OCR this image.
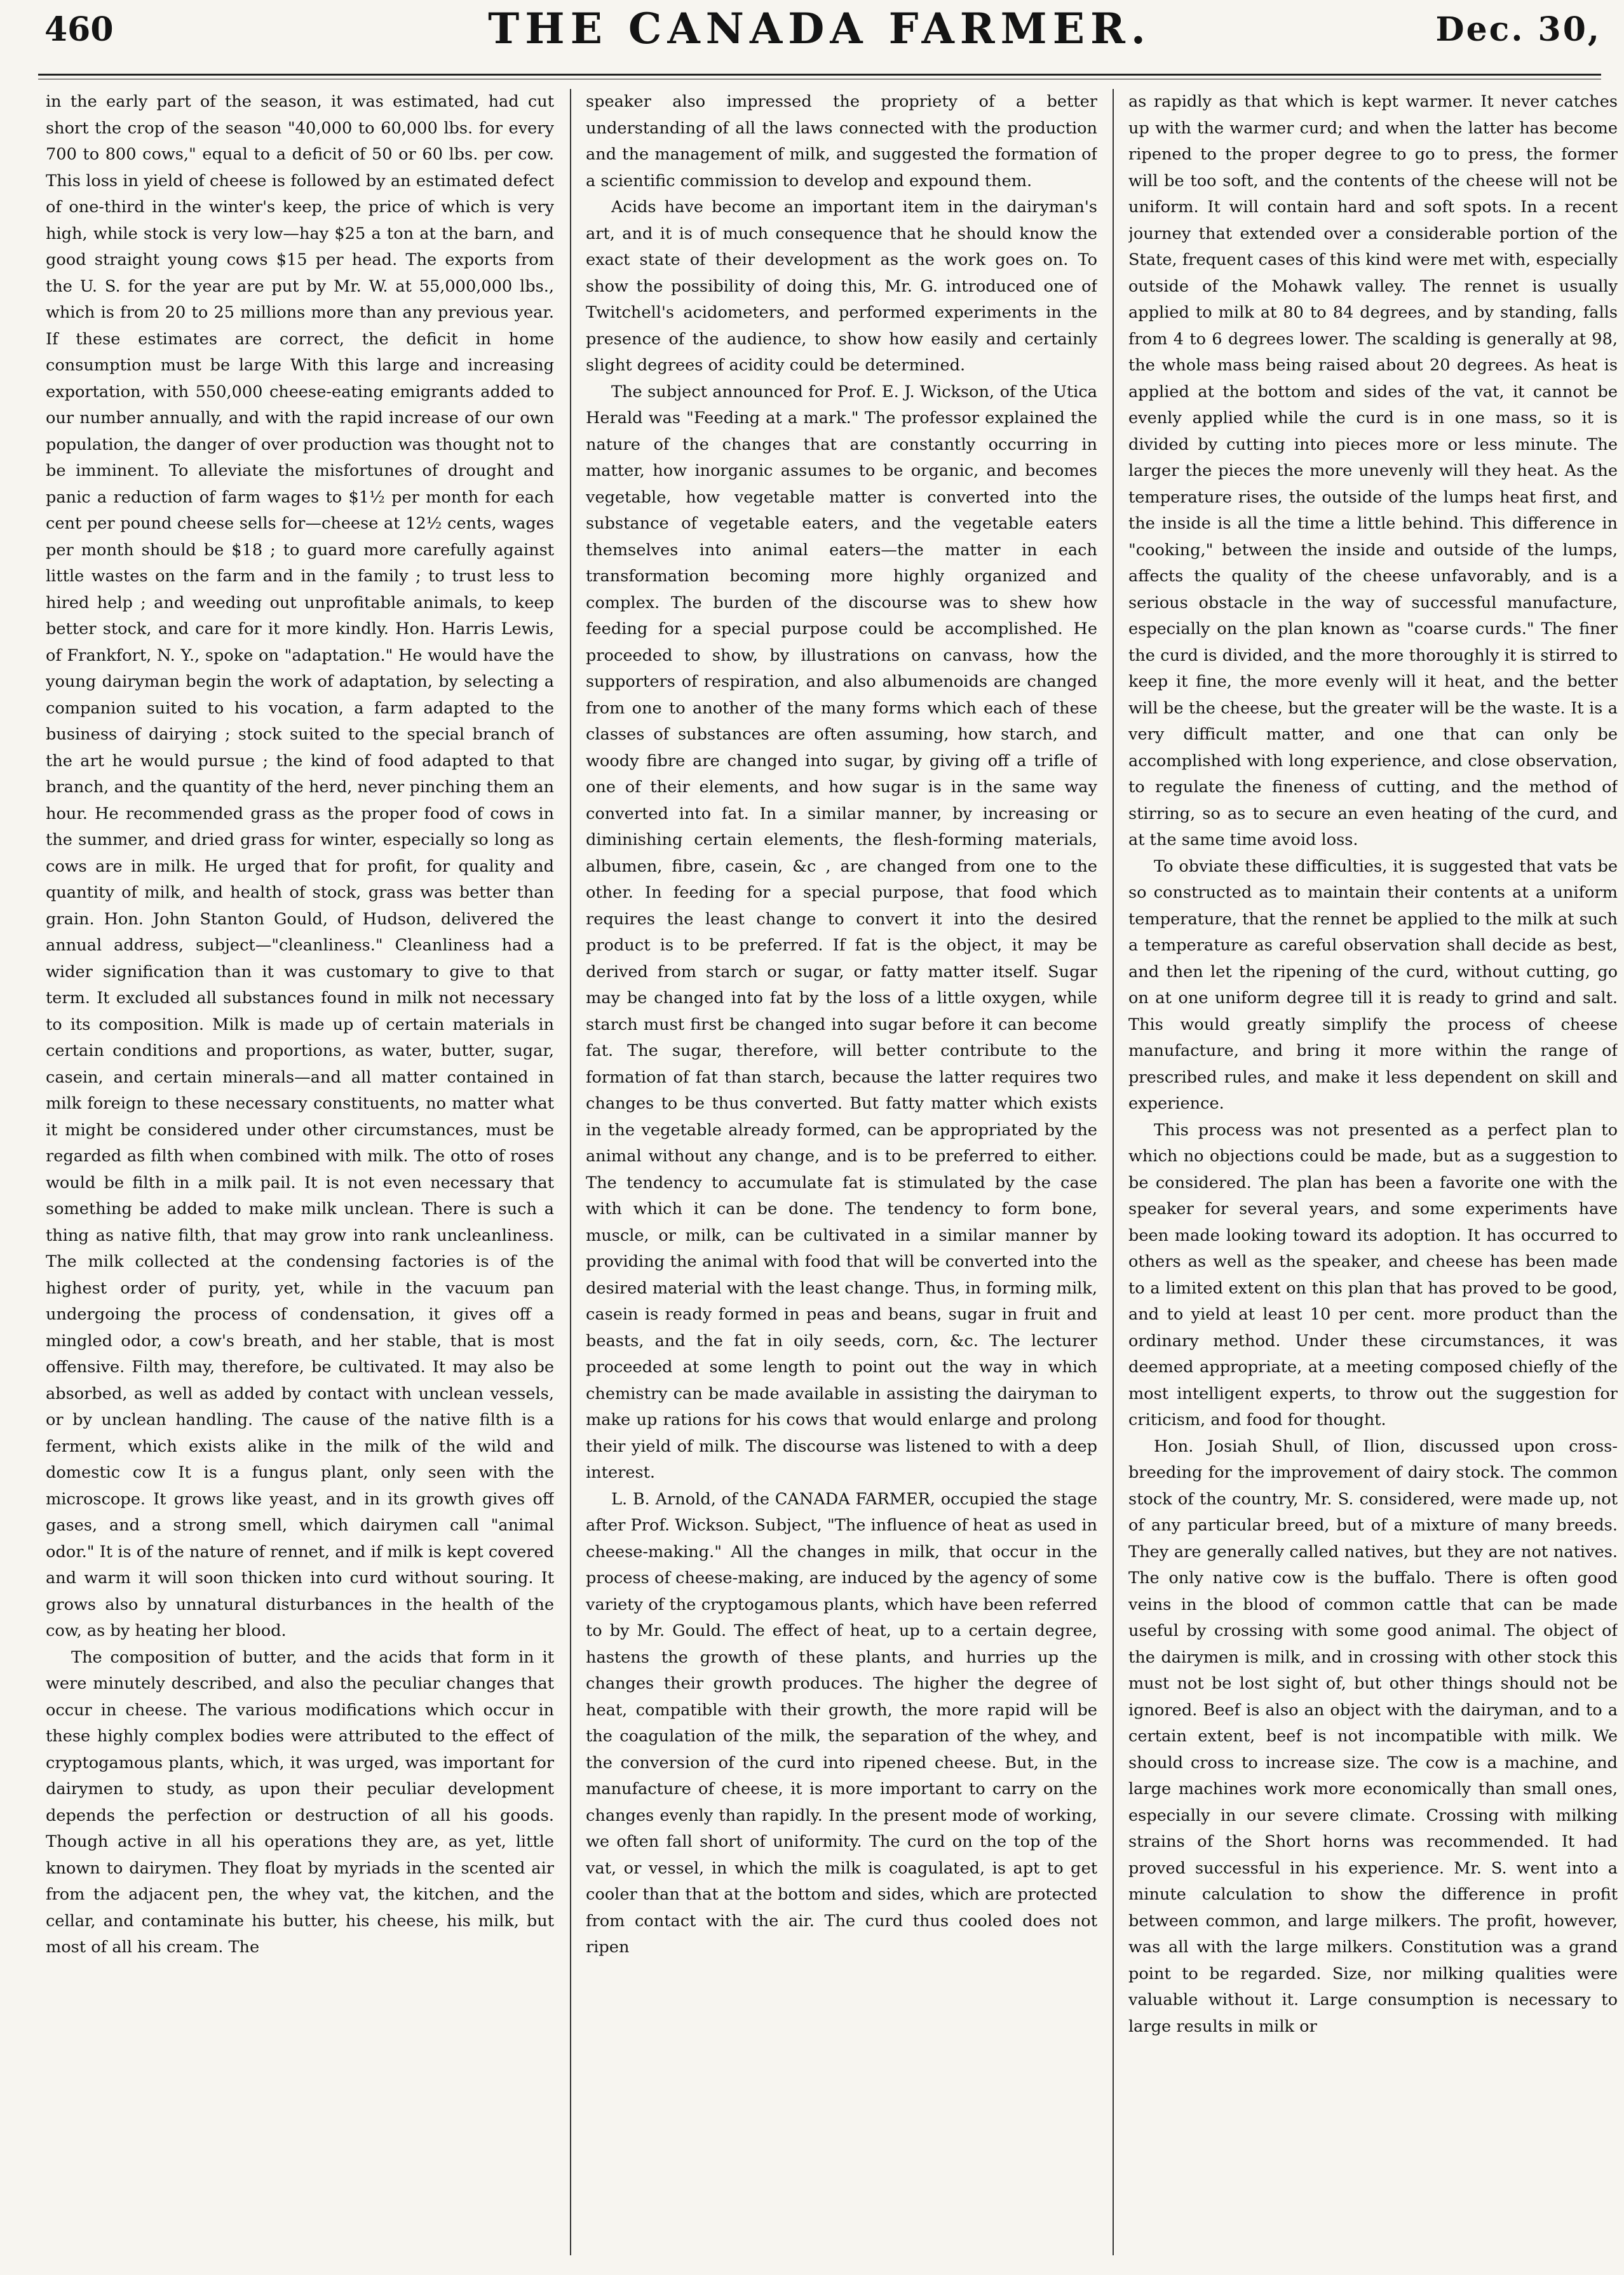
460	THE CANADA FARMER.	Dec. 30,

in the early part of the season, it was estimated, had cut short the crop of the season "40,000 to 60,000 lbs. for every 700 to 800 cows," equal to a deficit of 50 or 60 lbs. per cow. This loss in yield of cheese is followed by an estimated defect of one-third in the winter's keep, the price of which is very high, while stock is very low—hay $25 a ton at the barn, and good straight young cows $15 per head. The exports from the U. S. for the year are put by Mr. W. at 55,000,000 lbs., which is from 20 to 25 millions more than any previous year. If these estimates are correct, the deficit in home consumption must be large With this large and increasing exportation, with 550,000 cheese-eating emigrants added to our number annually, and with the rapid increase of our own population, the danger of over production was thought not to be imminent. To alleviate the misfortunes of drought and panic a reduction of farm wages to $1½ per month for each cent per pound cheese sells for—cheese at 12½ cents, wages per month should be $18 ; to guard more carefully against little wastes on the farm and in the family ; to trust less to hired help ; and weeding out unprofitable animals, to keep better stock, and care for it more kindly. Hon. Harris Lewis, of Frankfort, N. Y., spoke on "adaptation." He would have the young dairyman begin the work of adaptation, by selecting a companion suited to his vocation, a farm adapted to the business of dairying ; stock suited to the special branch of the art he would pursue ; the kind of food adapted to that branch, and the quantity of the herd, never pinching them an hour. He recommended grass as the proper food of cows in the summer, and dried grass for winter, especially so long as cows are in milk. He urged that for profit, for quality and quantity of milk, and health of stock, grass was better than grain. Hon. John Stanton Gould, of Hudson, delivered the annual address, subject—"cleanliness." Cleanliness had a wider signification than it was customary to give to that term. It excluded all substances found in milk not necessary to its composition. Milk is made up of certain materials in certain conditions and proportions, as water, butter, sugar, casein, and certain minerals—and all matter contained in milk foreign to these necessary constituents, no matter what it might be considered under other circumstances, must be regarded as filth when combined with milk. The otto of roses would be filth in a milk pail. It is not even necessary that something be added to make milk unclean. There is such a thing as native filth, that may grow into rank uncleanliness. The milk collected at the condensing factories is of the highest order of purity, yet, while in the vacuum pan undergoing the process of condensation, it gives off a mingled odor, a cow's breath, and her stable, that is most offensive. Filth may, therefore, be cultivated. It may also be absorbed, as well as added by contact with unclean vessels, or by unclean handling. The cause of the native filth is a ferment, which exists alike in the milk of the wild and domestic cow It is a fungus plant, only seen with the microscope. It grows like yeast, and in its growth gives off gases, and a strong smell, which dairymen call "animal odor." It is of the nature of rennet, and if milk is kept covered and warm it will soon thicken into curd without souring. It grows also by unnatural disturbances in the health of the cow, as by heating her blood.

The composition of butter, and the acids that form in it were minutely described, and also the peculiar changes that occur in cheese. The various modifications which occur in these highly complex bodies were attributed to the effect of cryptogamous plants, which, it was urged, was important for dairymen to study, as upon their peculiar development depends the perfection or destruction of all his goods. Though active in all his operations they are, as yet, little known to dairymen. They float by myriads in the scented air from the adjacent pen, the whey vat, the kitchen, and the cellar, and contaminate his butter, his cheese, his milk, but most of all his cream. The

speaker also impressed the propriety of a better understanding of all the laws connected with the production and the management of milk, and suggested the formation of a scientific commission to develop and expound them.

Acids have become an important item in the dairyman's art, and it is of much consequence that he should know the exact state of their development as the work goes on. To show the possibility of doing this, Mr. G. introduced one of Twitchell's acidometers, and performed experiments in the presence of the audience, to show how easily and certainly slight degrees of acidity could be determined.

The subject announced for Prof. E. J. Wickson, of the Utica Herald was "Feeding at a mark." The professor explained the nature of the changes that are constantly occurring in matter, how inorganic assumes to be organic, and becomes vegetable, how vegetable matter is converted into the substance of vegetable eaters, and the vegetable eaters themselves into animal eaters—the matter in each transformation becoming more highly organized and complex. The burden of the discourse was to shew how feeding for a special purpose could be accomplished. He proceeded to show, by illustrations on canvass, how the supporters of respiration, and also albumenoids are changed from one to another of the many forms which each of these classes of substances are often assuming, how starch, and woody fibre are changed into sugar, by giving off a trifle of one of their elements, and how sugar is in the same way converted into fat. In a similar manner, by increasing or diminishing certain elements, the flesh-forming materials, albumen, fibre, casein, &c , are changed from one to the other. In feeding for a special purpose, that food which requires the least change to convert it into the desired product is to be preferred. If fat is the object, it may be derived from starch or sugar, or fatty matter itself. Sugar may be changed into fat by the loss of a little oxygen, while starch must first be changed into sugar before it can become fat. The sugar, therefore, will better contribute to the formation of fat than starch, because the latter requires two changes to be thus converted. But fatty matter which exists in the vegetable already formed, can be appropriated by the animal without any change, and is to be preferred to either. The tendency to accumulate fat is stimulated by the case with which it can be done. The tendency to form bone, muscle, or milk, can be cultivated in a similar manner by providing the animal with food that will be converted into the desired material with the least change. Thus, in forming milk, casein is ready formed in peas and beans, sugar in fruit and beasts, and the fat in oily seeds, corn, &c. The lecturer proceeded at some length to point out the way in which chemistry can be made available in assisting the dairyman to make up rations for his cows that would enlarge and prolong their yield of milk. The discourse was listened to with a deep interest.

L. B. Arnold, of the CANADA FARMER, occupied the stage after Prof. Wickson. Subject, "The influence of heat as used in cheese-making." All the changes in milk, that occur in the process of cheese-making, are induced by the agency of some variety of the cryptogamous plants, which have been referred to by Mr. Gould. The effect of heat, up to a certain degree, hastens the growth of these plants, and hurries up the changes their growth produces. The higher the degree of heat, compatible with their growth, the more rapid will be the coagulation of the milk, the separation of the whey, and the conversion of the curd into ripened cheese. But, in the manufacture of cheese, it is more important to carry on the changes evenly than rapidly. In the present mode of working, we often fall short of uniformity. The curd on the top of the vat, or vessel, in which the milk is coagulated, is apt to get cooler than that at the bottom and sides, which are protected from contact with the air. The curd thus cooled does not ripen

as rapidly as that which is kept warmer. It never catches up with the warmer curd; and when the latter has become ripened to the proper degree to go to press, the former will be too soft, and the contents of the cheese will not be uniform. It will contain hard and soft spots. In a recent journey that extended over a considerable portion of the State, frequent cases of this kind were met with, especially outside of the Mohawk valley. The rennet is usually applied to milk at 80 to 84 degrees, and by standing, falls from 4 to 6 degrees lower. The scalding is generally at 98, the whole mass being raised about 20 degrees. As heat is applied at the bottom and sides of the vat, it cannot be evenly applied while the curd is in one mass, so it is divided by cutting into pieces more or less minute. The larger the pieces the more unevenly will they heat. As the temperature rises, the outside of the lumps heat first, and the inside is all the time a little behind. This difference in "cooking," between the inside and outside of the lumps, affects the quality of the cheese unfavorably, and is a serious obstacle in the way of successful manufacture, especially on the plan known as "coarse curds." The finer the curd is divided, and the more thoroughly it is stirred to keep it fine, the more evenly will it heat, and the better will be the cheese, but the greater will be the waste. It is a very difficult matter, and one that can only be accomplished with long experience, and close observation, to regulate the fineness of cutting, and the method of stirring, so as to secure an even heating of the curd, and at the same time avoid loss.

To obviate these difficulties, it is suggested that vats be so constructed as to maintain their contents at a uniform temperature, that the rennet be applied to the milk at such a temperature as careful observation shall decide as best, and then let the ripening of the curd, without cutting, go on at one uniform degree till it is ready to grind and salt. This would greatly simplify the process of cheese manufacture, and bring it more within the range of prescribed rules, and make it less dependent on skill and experience.

This process was not presented as a perfect plan to which no objections could be made, but as a suggestion to be considered. The plan has been a favorite one with the speaker for several years, and some experiments have been made looking toward its adoption. It has occurred to others as well as the speaker, and cheese has been made to a limited extent on this plan that has proved to be good, and to yield at least 10 per cent. more product than the ordinary method. Under these circumstances, it was deemed appropriate, at a meeting composed chiefly of the most intelligent experts, to throw out the suggestion for criticism, and food for thought.

Hon. Josiah Shull, of Ilion, discussed upon cross-breeding for the improvement of dairy stock. The common stock of the country, Mr. S. considered, were made up, not of any particular breed, but of a mixture of many breeds. They are generally called natives, but they are not natives. The only native cow is the buffalo. There is often good veins in the blood of common cattle that can be made useful by crossing with some good animal. The object of the dairymen is milk, and in crossing with other stock this must not be lost sight of, but other things should not be ignored. Beef is also an object with the dairyman, and to a certain extent, beef is not incompatible with milk. We should cross to increase size. The cow is a machine, and large machines work more economically than small ones, especially in our severe climate. Crossing with milking strains of the Short horns was recommended. It had proved successful in his experience. Mr. S. went into a minute calculation to show the difference in profit between common, and large milkers. The profit, however, was all with the large milkers. Constitution was a grand point to be regarded. Size, nor milking qualities were valuable without it. Large consumption is necessary to large results in milk or
